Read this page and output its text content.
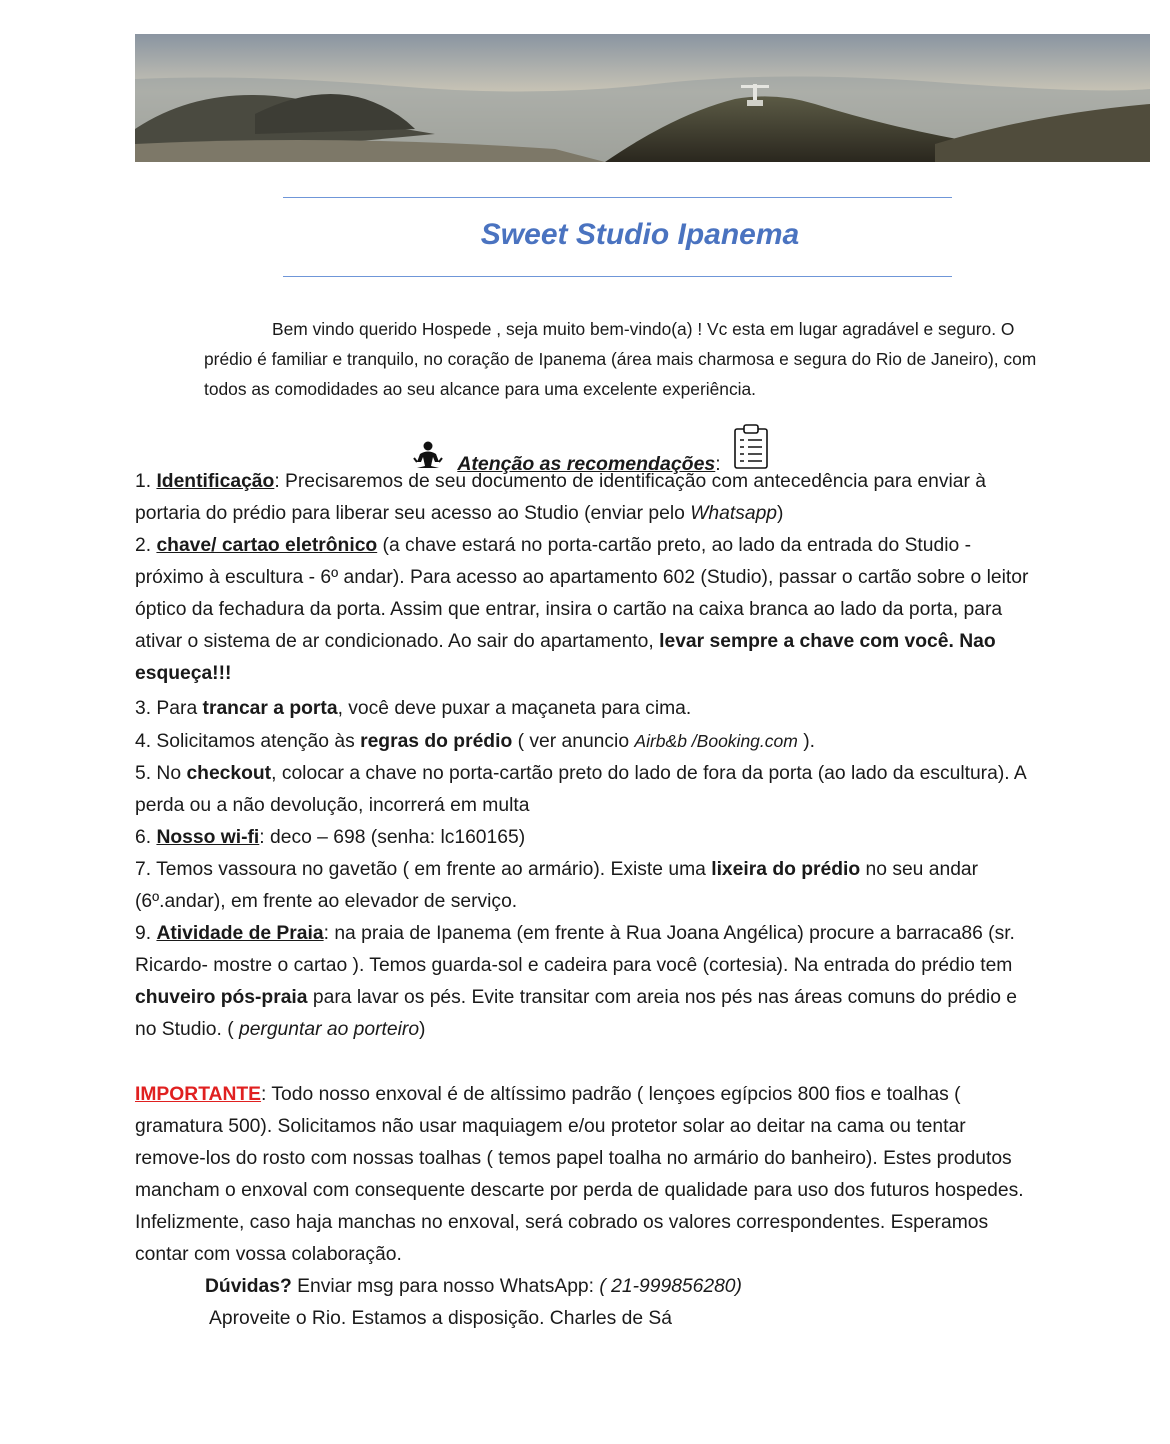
Sweet Studio Ipanema
Bem vindo querido Hospede , seja muito bem-vindo(a) ! Vc esta em lugar agradável e seguro. O prédio é familiar e tranquilo, no coração de Ipanema (área mais charmosa e segura do Rio de Janeiro), com todos as comodidades ao seu alcance para uma excelente experiência.
Atenção as recomendações:

1. Identificação: Precisaremos de seu documento de identificação com antecedência para enviar à portaria do prédio para liberar seu acesso ao Studio (enviar pelo Whatsapp)

2. chave/ cartao eletrônico (a chave estará no porta-cartão preto, ao lado da entrada do Studio - próximo à escultura - 6º andar). Para acesso ao apartamento 602 (Studio), passar o cartão sobre o leitor óptico da fechadura da porta. Assim que entrar, insira o cartão na caixa branca ao lado da porta, para ativar o sistema de ar condicionado. Ao sair do apartamento, levar sempre a chave com você. Nao esqueça!!!

3. Para trancar a porta, você deve puxar a maçaneta para cima.

4. Solicitamos atenção às regras do prédio ( ver anuncio Airb&b /Booking.com ).

5. No checkout, colocar a chave no porta-cartão preto do lado de fora da porta (ao lado da escultura). A perda ou a não devolução, incorrerá em multa

6. Nosso wi-fi: deco – 698 (senha: lc160165)

7. Temos vassoura no gavetão ( em frente ao armário). Existe uma lixeira do prédio no seu andar (6º.andar), em frente ao elevador de serviço.

9. Atividade de Praia: na praia de Ipanema (em frente à Rua Joana Angélica) procure a barraca86 (sr. Ricardo- mostre o cartao ). Temos guarda-sol e cadeira para você (cortesia). Na entrada do prédio tem chuveiro pós-praia para lavar os pés. Evite transitar com areia nos pés nas áreas comuns do prédio e no Studio. ( perguntar ao porteiro)

IMPORTANTE: Todo nosso enxoval é de altíssimo padrão ( lençoes egípcios 800 fios e toalhas ( gramatura 500). Solicitamos não usar maquiagem e/ou protetor solar ao deitar na cama ou tentar remove-los do rosto com nossas toalhas ( temos papel toalha no armário do banheiro). Estes produtos mancham o enxoval com consequente descarte por perda de qualidade para uso dos futuros hospedes. Infelizmente, caso haja manchas no enxoval, será cobrado os valores correspondentes. Esperamos contar com vossa colaboração.

Dúvidas? Enviar msg para nosso WhatsApp: ( 21-999856280)

Aproveite o Rio. Estamos a disposição. Charles de Sá
